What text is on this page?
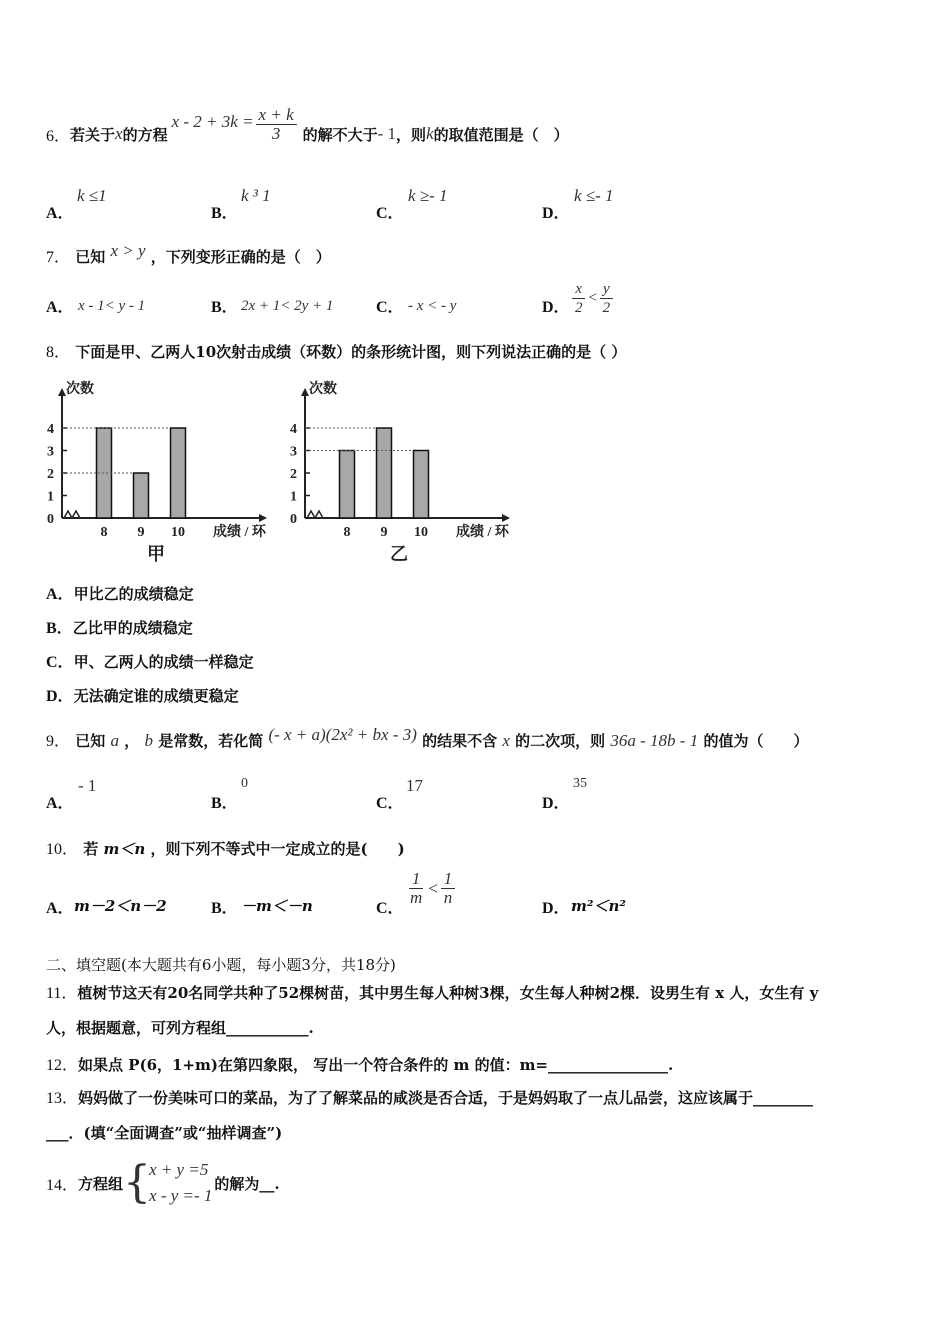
6． 若关于 x 的方程
$x - 2 + 3k = \frac{x + k}{3}$ 的解不大于 - 1 ，则 k 的取值范围是（　）
A．
k ≤1
B．
k ³ 1
C．
k ≥- 1
D．
k ≤- 1
7． 已知 x > y ，下列变形正确的是（　）
A． x - 1< y - 1	B． 2x + 1< 2y + 1	C． - x < - y	D． $\frac{x}{2} < \frac{y}{2}$
8． 下面是甲、乙两人10次射击成绩（环数）的条形统计图，则下列说法正确的是（ ）
0
1
2
3
4
次数
8 9 10 成绩 / 环
甲
0
1
2
3
4
次数
8 9 10 成绩 / 环
乙
A．甲比乙的成绩稳定
B．乙比甲的成绩稳定
C．甲、乙两人的成绩一样稳定
D．无法确定谁的成绩更稳定
9． 已知 a ， b 是常数，若化简 (- x + a)(2x² + bx - 3) 的结果不含 x 的二次项，则 36a - 18b - 1 的值为（　　）
A．
- 1
B．
0
C．
17
D．
35
10． 若 m＜n ，则下列不等式中一定成立的是(　　)
A． m－2＜n－2	B． －m＜－n	C．
$\frac{1}{m} < \frac{1}{n}$
D． m²＜n²
二、填空题(本大题共有6小题，每小题3分，共18分)
11．植树节这天有20名同学共种了52棵树苗，其中男生每人种树3棵，女生每人种树2棵．设男生有 x 人，女生有 y
人，根据题意，可列方程组___________.
12．如果点 P(6，1+m)在第四象限， 写出一个符合条件的 m 的值：m=________________.
13．妈妈做了一份美味可口的菜品，为了了解菜品的咸淡是否合适，于是妈妈取了一点儿品尝，这应该属于________
___．(填“全面调查”或“抽样调查”)
14． 方程组 {
x + y =5
x - y =- 1
的解为__.
